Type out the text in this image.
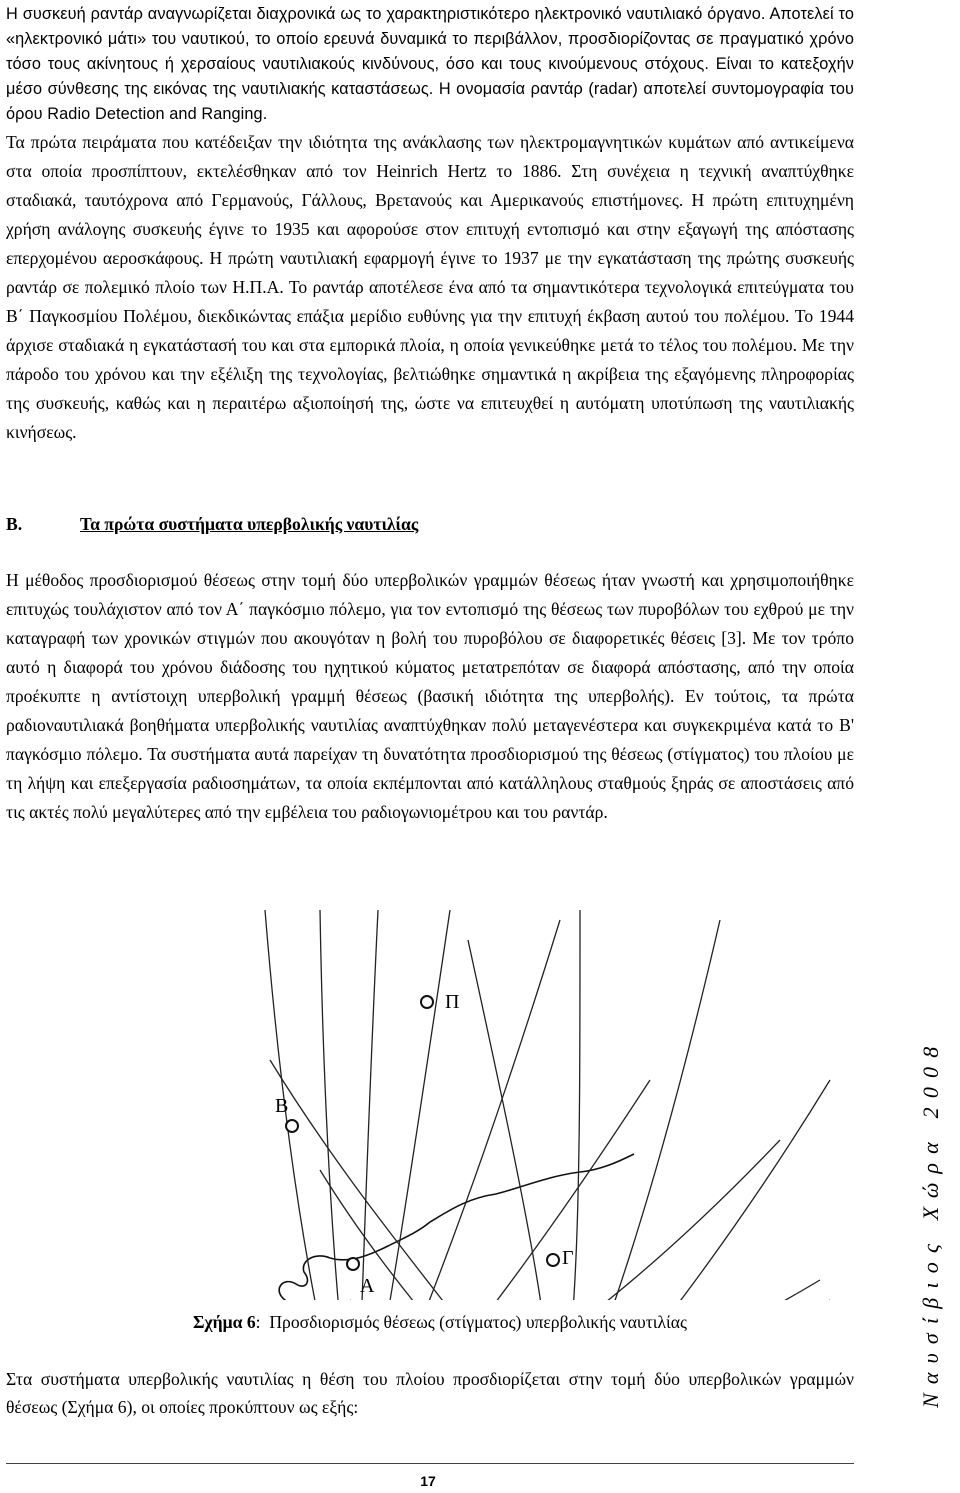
Η συσκευή ραντάρ αναγνωρίζεται διαχρονικά ως το χαρακτηριστικότερο ηλεκτρονικό ναυτιλιακό όργανο. Αποτελεί το «ηλεκτρονικό μάτι» του ναυτικού, το οποίο ερευνά δυναμικά το περιβάλλον, προσδιορίζοντας σε πραγματικό χρόνο τόσο τους ακίνητους ή χερσαίους ναυτιλιακούς κινδύνους, όσο και τους κινούμενους στόχους. Είναι το κατεξοχήν μέσο σύνθεσης της εικόνας της ναυτιλιακής καταστάσεως. Η ονομασία ραντάρ (radar) αποτελεί συντομογραφία του όρου Radio Detection and Ranging.

Τα πρώτα πειράματα που κατέδειξαν την ιδιότητα της ανάκλασης των ηλεκτρομαγνητικών κυμάτων από αντικείμενα στα οποία προσπίπτουν, εκτελέσθηκαν από τον Heinrich Hertz το 1886. Στη συνέχεια η τεχνική αναπτύχθηκε σταδιακά, ταυτόχρονα από Γερμανούς, Γάλλους, Βρετανούς και Αμερικανούς επιστήμονες. Η πρώτη επιτυχημένη χρήση ανάλογης συσκευής έγινε το 1935 και αφορούσε στον επιτυχή εντοπισμό και στην εξαγωγή της απόστασης επερχομένου αεροσκάφους. Η πρώτη ναυτιλιακή εφαρμογή έγινε το 1937 με την εγκατάσταση της πρώτης συσκευής ραντάρ σε πολεμικό πλοίο των Η.Π.Α. Το ραντάρ αποτέλεσε ένα από τα σημαντικότερα τεχνολογικά επιτεύγματα του Β΄ Παγκοσμίου Πολέμου, διεκδικώντας επάξια μερίδιο ευθύνης για την επιτυχή έκβαση αυτού του πολέμου. Το 1944 άρχισε σταδιακά η εγκατάστασή του και στα εμπορικά πλοία, η οποία γενικεύθηκε μετά το τέλος του πολέμου. Με την πάροδο του χρόνου και την εξέλιξη της τεχνολογίας, βελτιώθηκε σημαντικά η ακρίβεια της εξαγόμενης πληροφορίας της συσκευής, καθώς και η περαιτέρω αξιοποίησή της, ώστε να επιτευχθεί η αυτόματη υποτύπωση της ναυτιλιακής κινήσεως.

Β.	Τα πρώτα συστήματα υπερβολικής ναυτιλίας

Η μέθοδος προσδιορισμού θέσεως στην τομή δύο υπερβολικών γραμμών θέσεως ήταν γνωστή και χρησιμοποιήθηκε επιτυχώς τουλάχιστον από τον Α΄ παγκόσμιο πόλεμο, για τον εντοπισμό της θέσεως των πυροβόλων του εχθρού με την καταγραφή των χρονικών στιγμών που ακουγόταν η βολή του πυροβόλου σε διαφορετικές θέσεις [3]. Με τον τρόπο αυτό η διαφορά του χρόνου διάδοσης του ηχητικού κύματος μετατρεπόταν σε διαφορά απόστασης, από την οποία προέκυπτε η αντίστοιχη υπερβολική γραμμή θέσεως (βασική ιδιότητα της υπερβολής). Εν τούτοις, τα πρώτα ραδιοναυτιλιακά βοηθήματα υπερβολικής ναυτιλίας αναπτύχθηκαν πολύ μεταγενέστερα και συγκεκριμένα κατά το Β' παγκόσμιο πόλεμο. Τα συστήματα αυτά παρείχαν τη δυνατότητα προσδιορισμού της θέσεως (στίγματος) του πλοίου με τη λήψη και επεξεργασία ραδιοσημάτων, τα οποία εκπέμπονται από κατάλληλους σταθμούς ξηράς σε αποστάσεις από τις ακτές πολύ μεγαλύτερες από την εμβέλεια του ραδιογωνιομέτρου και του ραντάρ.

Π
Β
Α
Γ

Σχήμα 6: Προσδιορισμός θέσεως (στίγματος) υπερβολικής ναυτιλίας

Στα συστήματα υπερβολικής ναυτιλίας η θέση του πλοίου προσδιορίζεται στην τομή δύο υπερβολικών γραμμών θέσεως (Σχήμα 6), οι οποίες προκύπτουν ως εξής:	Ναυσίβιος Χώρα 2008
17
